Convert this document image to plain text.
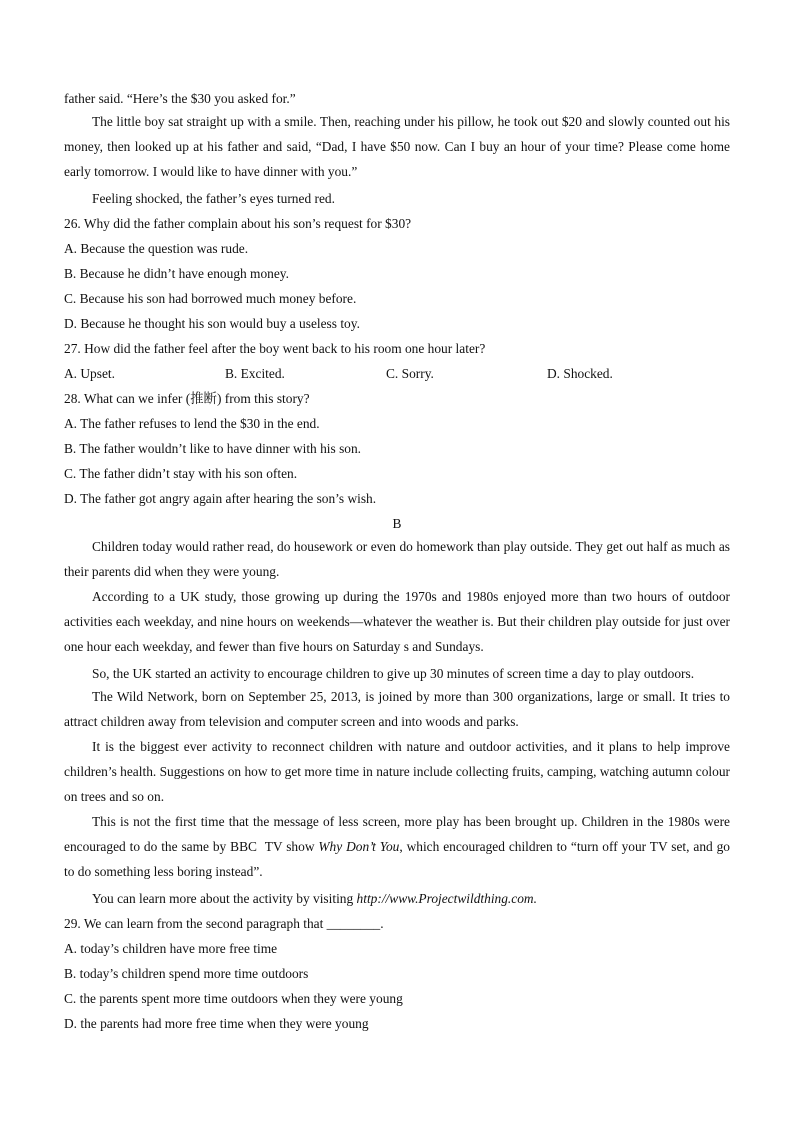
father said. “Here’s the $30 you asked for.”
The little boy sat straight up with a smile. Then, reaching under his pillow, he took out $20 and slowly counted out his money, then looked up at his father and said, “Dad, I have $50 now. Can I buy an hour of your time? Please come home early tomorrow. I would like to have dinner with you.”
Feeling shocked, the father’s eyes turned red.
26. Why did the father complain about his son’s request for $30?
A. Because the question was rude.
B. Because he didn’t have enough money.
C. Because his son had borrowed much money before.
D. Because he thought his son would buy a useless toy.
27. How did the father feel after the boy went back to his room one hour later?
A. Upset.	B. Excited.	C. Sorry.	D. Shocked.
28. What can we infer (推断) from this story?
A. The father refuses to lend the $30 in the end.
B. The father wouldn’t like to have dinner with his son.
C. The father didn’t stay with his son often.
D. The father got angry again after hearing the son’s wish.
B
Children today would rather read, do housework or even do homework than play outside. They get out half as much as their parents did when they were young.
According to a UK study, those growing up during the 1970s and 1980s enjoyed more than two hours of outdoor activities each weekday, and nine hours on weekends—whatever the weather is. But their children play outside for just over one hour each weekday, and fewer than five hours on Saturday s and Sundays.
So, the UK started an activity to encourage children to give up 30 minutes of screen time a day to play outdoors.
The Wild Network, born on September 25, 2013, is joined by more than 300 organizations, large or small. It tries to attract children away from television and computer screen and into woods and parks.
It is the biggest ever activity to reconnect children with nature and outdoor activities, and it plans to help improve children’s health. Suggestions on how to get more time in nature include collecting fruits, camping, watching autumn colour on trees and so on.
This is not the first time that the message of less screen, more play has been brought up. Children in the 1980s were encouraged to do the same by BBC  TV show Why Don’t You, which encouraged children to “turn off your TV set, and go to do something less boring instead”.
You can learn more about the activity by visiting http://www.Projectwildthing.com.
29. We can learn from the second paragraph that ________.
A. today’s children have more free time
B. today’s children spend more time outdoors
C. the parents spent more time outdoors when they were young
D. the parents had more free time when they were young
